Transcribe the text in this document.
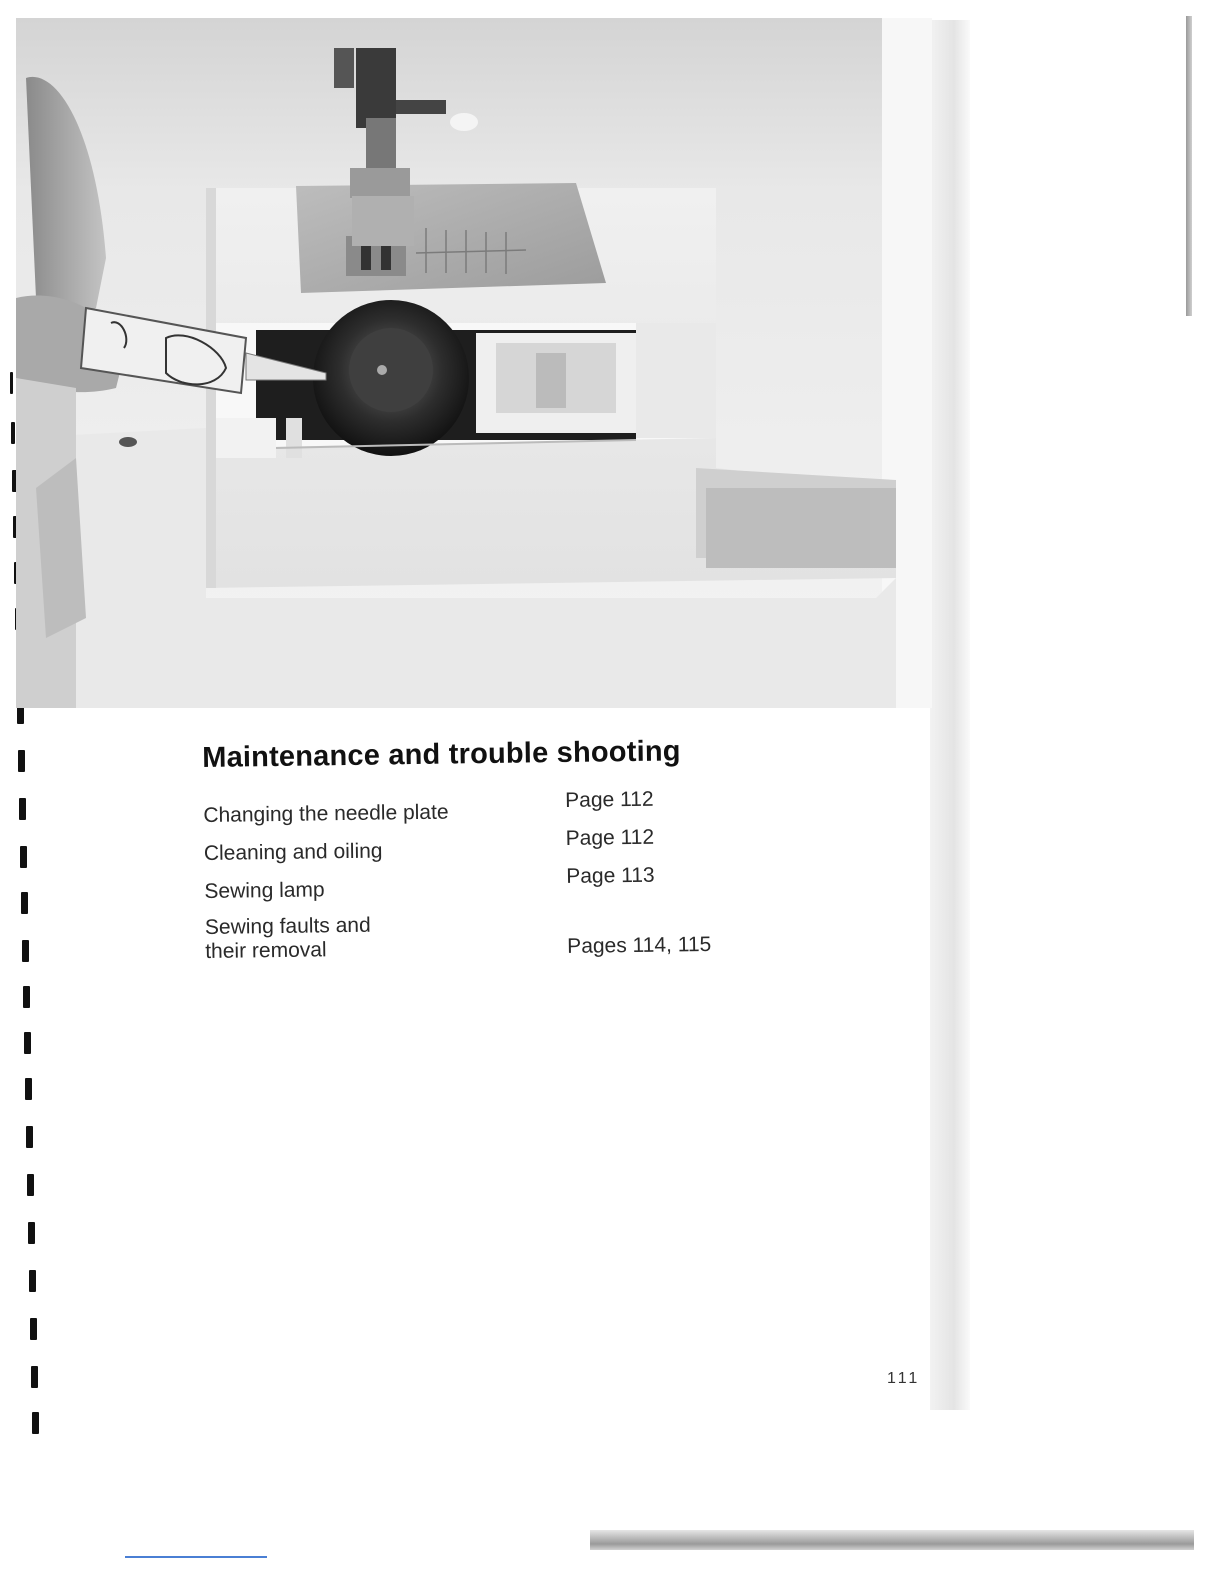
Maintenance and trouble shooting
Changing the needle plate
Page 112
Cleaning and oiling
Page 112
Sewing lamp
Page 113
Sewing faults and
their removal	Pages 114, 115
111
